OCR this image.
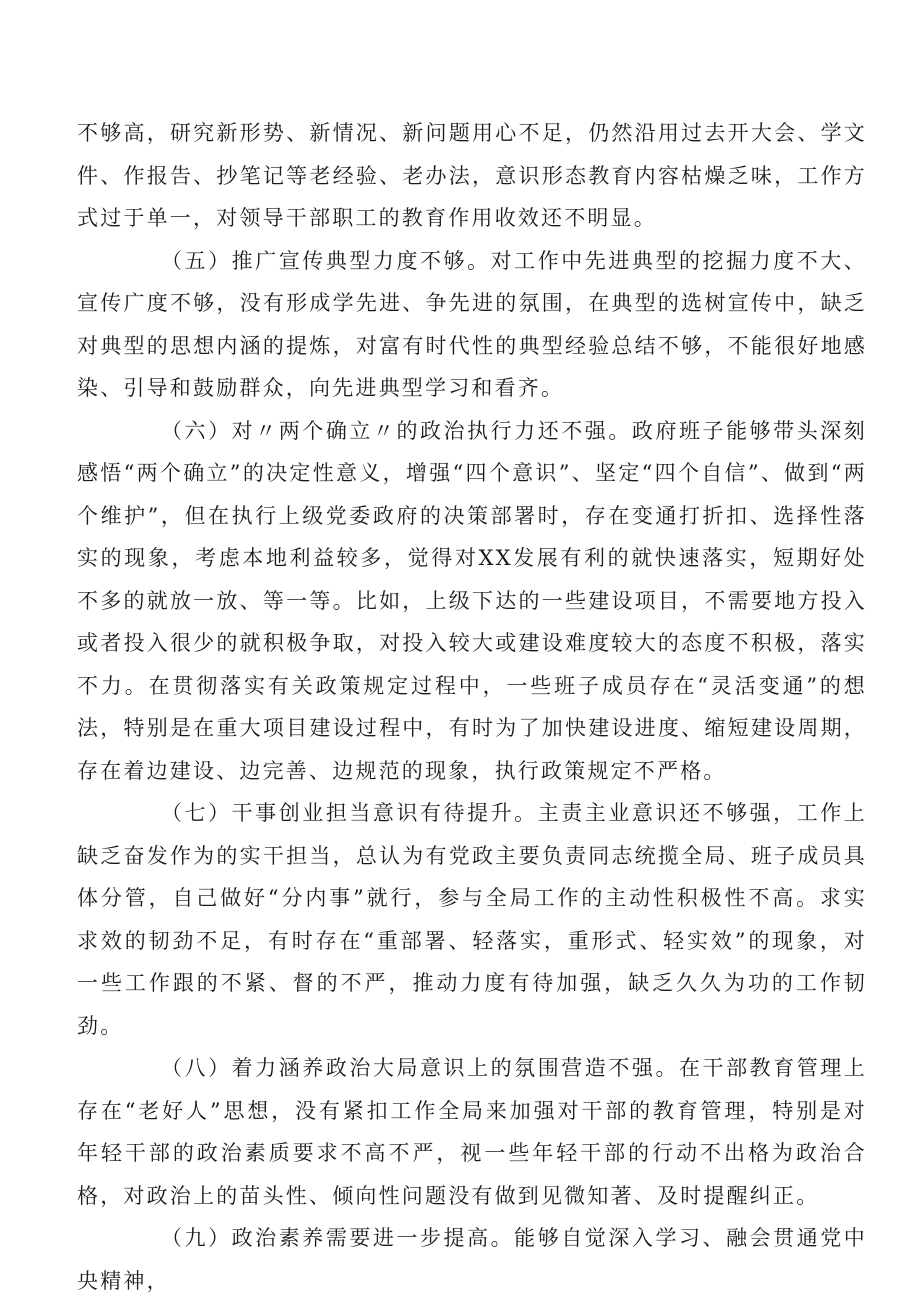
不够高，研究新形势、新情况、新问题用心不足，仍然沿用过去开大会、学文件、作报告、抄笔记等老经验、老办法，意识形态教育内容枯燥乏味，工作方式过于单一，对领导干部职工的教育作用收效还不明显。

（五）推广宣传典型力度不够。对工作中先进典型的挖掘力度不大、宣传广度不够，没有形成学先进、争先进的氛围，在典型的选树宣传中，缺乏对典型的思想内涵的提炼，对富有时代性的典型经验总结不够，不能很好地感染、引导和鼓励群众，向先进典型学习和看齐。

（六）对〃两个确立〃的政治执行力还不强。政府班子能够带头深刻感悟“两个确立”的决定性意义，增强“四个意识”、坚定“四个自信”、做到“两个维护”，但在执行上级党委政府的决策部署时，存在变通打折扣、选择性落实的现象，考虑本地利益较多，觉得对XX发展有利的就快速落实，短期好处不多的就放一放、等一等。比如，上级下达的一些建设项目，不需要地方投入或者投入很少的就积极争取，对投入较大或建设难度较大的态度不积极，落实不力。在贯彻落实有关政策规定过程中，一些班子成员存在“灵活变通”的想法，特别是在重大项目建设过程中，有时为了加快建设进度、缩短建设周期，存在着边建设、边完善、边规范的现象，执行政策规定不严格。

（七）干事创业担当意识有待提升。主责主业意识还不够强，工作上缺乏奋发作为的实干担当，总认为有党政主要负责同志统揽全局、班子成员具体分管，自己做好“分内事”就行，参与全局工作的主动性积极性不高。求实求效的韧劲不足，有时存在“重部署、轻落实，重形式、轻实效”的现象，对一些工作跟的不紧、督的不严，推动力度有待加强，缺乏久久为功的工作韧劲。

（八）着力涵养政治大局意识上的氛围营造不强。在干部教育管理上存在“老好人”思想，没有紧扣工作全局来加强对干部的教育管理，特别是对年轻干部的政治素质要求不高不严，视一些年轻干部的行动不出格为政治合格，对政治上的苗头性、倾向性问题没有做到见微知著、及时提醒纠正。

（九）政治素养需要进一步提高。能够自觉深入学习、融会贯通党中央精神，
